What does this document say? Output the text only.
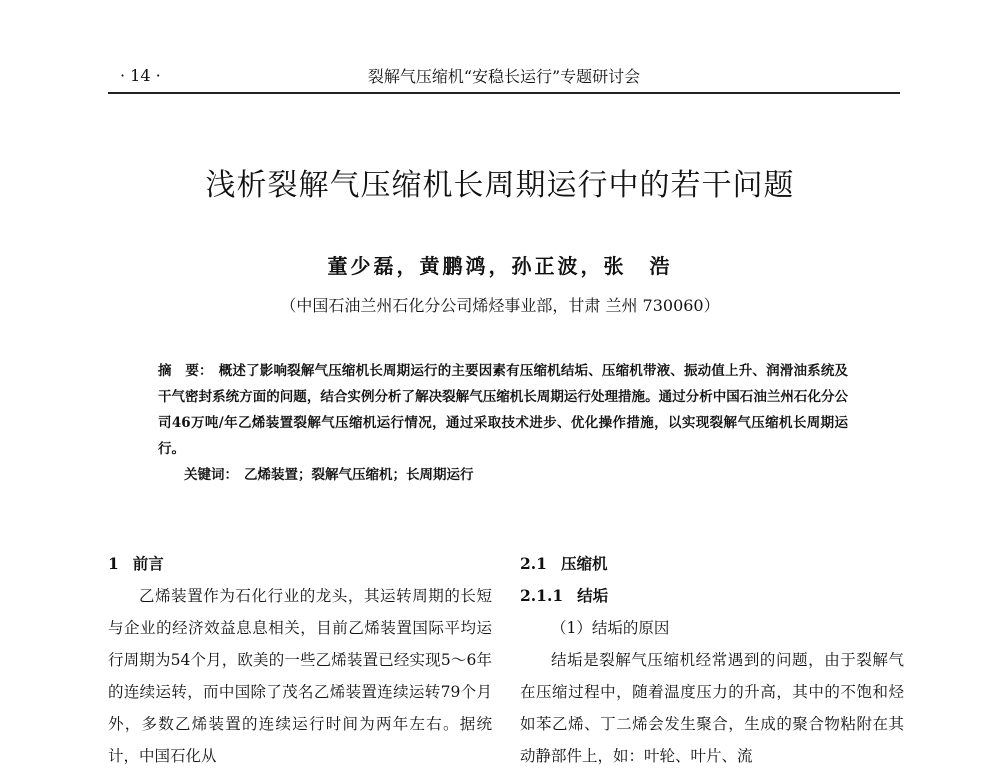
· 14 ·	裂解气压缩机“安稳长运行”专题研讨会
浅析裂解气压缩机长周期运行中的若干问题
董少磊，黄鹏鸿，孙正波，张　浩
（中国石油兰州石化分公司烯烃事业部，甘肃 兰州 730060）

摘　要： 概述了影响裂解气压缩机长周期运行的主要因素有压缩机结垢、压缩机带液、振动值上升、润滑油系统及干气密封系统方面的问题，结合实例分析了解决裂解气压缩机长周期运行处理措施。通过分析中国石油兰州石化分公司46万吨/年乙烯装置裂解气压缩机运行情况，通过采取技术进步、优化操作措施，以实现裂解气压缩机长周期运行。

关键词： 乙烯装置；裂解气压缩机；长周期运行

1 前言

乙烯装置作为石化行业的龙头，其运转周期的长短与企业的经济效益息息相关，目前乙烯装置国际平均运行周期为54个月，欧美的一些乙烯装置已经实现5～6年的连续运转，而中国除了茂名乙烯装置连续运转79个月外，多数乙烯装置的连续运行时间为两年左右。据统计，中国石化从

2.1 压缩机

2.1.1 结垢

（1）结垢的原因

结垢是裂解气压缩机经常遇到的问题，由于裂解气在压缩过程中，随着温度压力的升高，其中的不饱和烃如苯乙烯、丁二烯会发生聚合，生成的聚合物粘附在其动静部件上，如：叶轮、叶片、流
